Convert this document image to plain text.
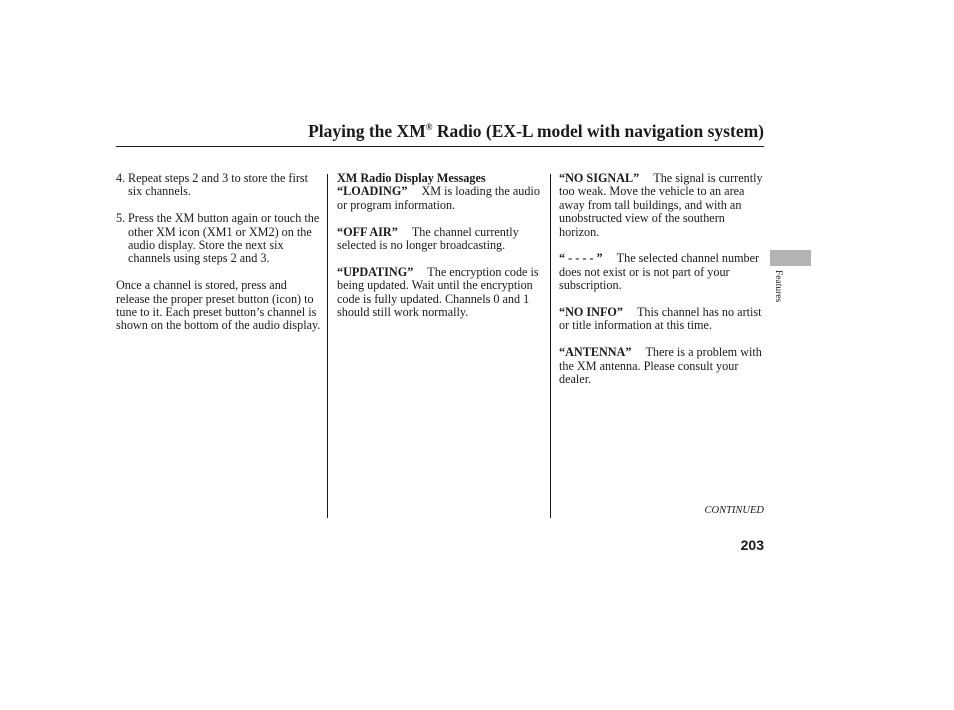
Playing the XM® Radio (EX-L model with navigation system)
4. Repeat steps 2 and 3 to store the first six channels.
5. Press the XM button again or touch the other XM icon (XM1 or XM2) on the audio display. Store the next six channels using steps 2 and 3.
Once a channel is stored, press and release the proper preset button (icon) to tune to it. Each preset button’s channel is shown on the bottom of the audio display.
XM Radio Display Messages
“LOADING” XM is loading the audio or program information.
“OFF AIR” The channel currently selected is no longer broadcasting.
“UPDATING” The encryption code is being updated. Wait until the encryption code is fully updated. Channels 0 and 1 should still work normally.
“NO SIGNAL” The signal is currently too weak. Move the vehicle to an area away from tall buildings, and with an unobstructed view of the southern horizon.
“ - - - - ” The selected channel number does not exist or is not part of your subscription.
“NO INFO” This channel has no artist or title information at this time.
“ANTENNA” There is a problem with the XM antenna. Please consult your dealer.
Features
CONTINUED
203
